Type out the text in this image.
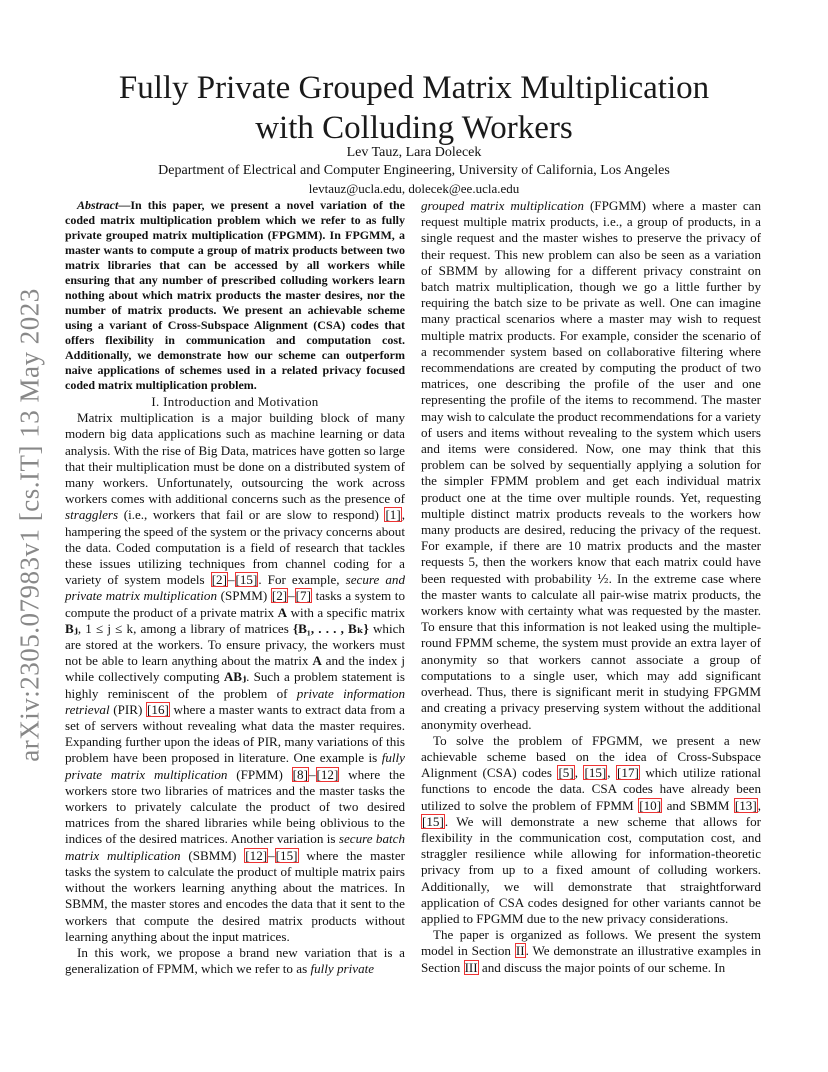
arXiv:2305.07983v1 [cs.IT] 13 May 2023
Fully Private Grouped Matrix Multiplication
with Colluding Workers
Lev Tauz, Lara Dolecek
Department of Electrical and Computer Engineering, University of California, Los Angeles
levtauz@ucla.edu, dolecek@ee.ucla.edu

Abstract—In this paper, we present a novel variation of the coded matrix multiplication problem which we refer to as fully private grouped matrix multiplication (FPGMM). In FPGMM, a master wants to compute a group of matrix products between two matrix libraries that can be accessed by all workers while ensuring that any number of prescribed colluding workers learn nothing about which matrix products the master desires, nor the number of matrix products. We present an achievable scheme using a variant of Cross-Subspace Alignment (CSA) codes that offers flexibility in communication and computation cost. Additionally, we demonstrate how our scheme can outperform naive applications of schemes used in a related privacy focused coded matrix multiplication problem.

I. Introduction and Motivation

Matrix multiplication is a major building block of many modern big data applications such as machine learning or data analysis. With the rise of Big Data, matrices have gotten so large that their multiplication must be done on a distributed system of many workers. Unfortunately, outsourcing the work across workers comes with additional concerns such as the presence of stragglers (i.e., workers that fail or are slow to respond) [1], hampering the speed of the system or the privacy concerns about the data. Coded computation is a field of research that tackles these issues utilizing techniques from channel coding for a variety of system models [2]–[15]. For example, secure and private matrix multiplication (SPMM) [2]–[7] tasks a system to compute the product of a private matrix A with a specific matrix Bⱼ, 1 ≤ j ≤ k, among a library of matrices {B₁, . . . , Bₖ} which are stored at the workers. To ensure privacy, the workers must not be able to learn anything about the matrix A and the index j while collectively computing ABⱼ. Such a problem statement is highly reminiscent of the problem of private information retrieval (PIR) [16] where a master wants to extract data from a set of servers without revealing what data the master requires. Expanding further upon the ideas of PIR, many variations of this problem have been proposed in literature. One example is fully private matrix multiplication (FPMM) [8]–[12] where the workers store two libraries of matrices and the master tasks the workers to privately calculate the product of two desired matrices from the shared libraries while being oblivious to the indices of the desired matrices. Another variation is secure batch matrix multiplication (SBMM) [12]–[15] where the master tasks the system to calculate the product of multiple matrix pairs without the workers learning anything about the matrices. In SBMM, the master stores and encodes the data that it sent to the workers that compute the desired matrix products without learning anything about the input matrices.

In this work, we propose a brand new variation that is a generalization of FPMM, which we refer to as fully private

grouped matrix multiplication (FPGMM) where a master can request multiple matrix products, i.e., a group of products, in a single request and the master wishes to preserve the privacy of their request. This new problem can also be seen as a variation of SBMM by allowing for a different privacy constraint on batch matrix multiplication, though we go a little further by requiring the batch size to be private as well. One can imagine many practical scenarios where a master may wish to request multiple matrix products. For example, consider the scenario of a recommender system based on collaborative filtering where recommendations are created by computing the product of two matrices, one describing the profile of the user and one representing the profile of the items to recommend. The master may wish to calculate the product recommendations for a variety of users and items without revealing to the system which users and items were considered. Now, one may think that this problem can be solved by sequentially applying a solution for the simpler FPMM problem and get each individual matrix product one at the time over multiple rounds. Yet, requesting multiple distinct matrix products reveals to the workers how many products are desired, reducing the privacy of the request. For example, if there are 10 matrix products and the master requests 5, then the workers know that each matrix could have been requested with probability ½. In the extreme case where the master wants to calculate all pair-wise matrix products, the workers know with certainty what was requested by the master. To ensure that this information is not leaked using the multiple-round FPMM scheme, the system must provide an extra layer of anonymity so that workers cannot associate a group of computations to a single user, which may add significant overhead. Thus, there is significant merit in studying FPGMM and creating a privacy preserving system without the additional anonymity overhead.

To solve the problem of FPGMM, we present a new achievable scheme based on the idea of Cross-Subspace Alignment (CSA) codes [5], [15], [17] which utilize rational functions to encode the data. CSA codes have already been utilized to solve the problem of FPMM [10] and SBMM [13], [15]. We will demonstrate a new scheme that allows for flexibility in the communication cost, computation cost, and straggler resilience while allowing for information-theoretic privacy from up to a fixed amount of colluding workers. Additionally, we will demonstrate that straightforward application of CSA codes designed for other variants cannot be applied to FPGMM due to the new privacy considerations.

The paper is organized as follows. We present the system model in Section II. We demonstrate an illustrative examples in Section III and discuss the major points of our scheme. In
